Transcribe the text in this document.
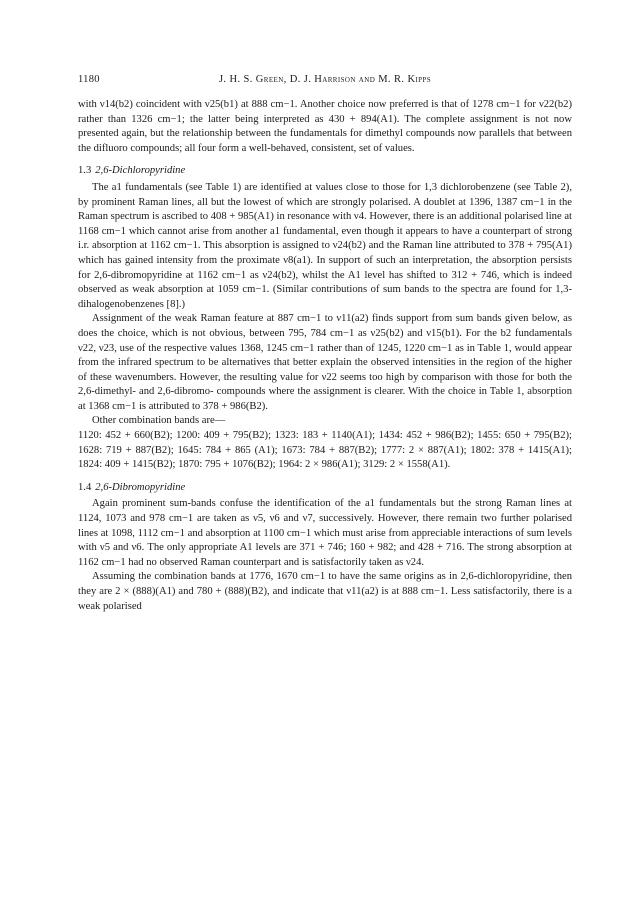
1180	J. H. S. Green, D. J. Harrison and M. R. Kipps

with ν14(b2) coincident with ν25(b1) at 888 cm−1. Another choice now preferred is that of 1278 cm−1 for ν22(b2) rather than 1326 cm−1; the latter being interpreted as 430 + 894(A1). The complete assignment is not now presented again, but the relationship between the fundamentals for dimethyl compounds now parallels that between the difluoro compounds; all four form a well-behaved, consistent, set of values.

1.3 2,6-Dichloropyridine

The a1 fundamentals (see Table 1) are identified at values close to those for 1,3 dichlorobenzene (see Table 2), by prominent Raman lines, all but the lowest of which are strongly polarised. A doublet at 1396, 1387 cm−1 in the Raman spectrum is ascribed to 408 + 985(A1) in resonance with ν4. However, there is an additional polarised line at 1168 cm−1 which cannot arise from another a1 fundamental, even though it appears to have a counterpart of strong i.r. absorption at 1162 cm−1. This absorption is assigned to ν24(b2) and the Raman line attributed to 378 + 795(A1) which has gained intensity from the proximate ν8(a1). In support of such an interpretation, the absorption persists for 2,6-dibromopyridine at 1162 cm−1 as ν24(b2), whilst the A1 level has shifted to 312 + 746, which is indeed observed as weak absorption at 1059 cm−1. (Similar contributions of sum bands to the spectra are found for 1,3-dihalogenobenzenes [8].)

Assignment of the weak Raman feature at 887 cm−1 to ν11(a2) finds support from sum bands given below, as does the choice, which is not obvious, between 795, 784 cm−1 as ν25(b2) and ν15(b1). For the b2 fundamentals ν22, ν23, use of the respective values 1368, 1245 cm−1 rather than of 1245, 1220 cm−1 as in Table 1, would appear from the infrared spectrum to be alternatives that better explain the observed intensities in the region of the higher of these wavenumbers. However, the resulting value for ν22 seems too high by comparison with those for both the 2,6-dimethyl- and 2,6-dibromo- compounds where the assignment is clearer. With the choice in Table 1, absorption at 1368 cm−1 is attributed to 378 + 986(B2).

Other combination bands are—

1120: 452 + 660(B2); 1200: 409 + 795(B2); 1323: 183 + 1140(A1); 1434: 452 + 986(B2); 1455: 650 + 795(B2); 1628: 719 + 887(B2); 1645: 784 + 865 (A1); 1673: 784 + 887(B2); 1777: 2 × 887(A1); 1802: 378 + 1415(A1); 1824: 409 + 1415(B2); 1870: 795 + 1076(B2); 1964: 2 × 986(A1); 3129: 2 × 1558(A1).
1.4 2,6-Dibromopyridine

Again prominent sum-bands confuse the identification of the a1 fundamentals but the strong Raman lines at 1124, 1073 and 978 cm−1 are taken as ν5, ν6 and ν7, successively. However, there remain two further polarised lines at 1098, 1112 cm−1 and absorption at 1100 cm−1 which must arise from appreciable interactions of sum levels with ν5 and ν6. The only appropriate A1 levels are 371 + 746; 160 + 982; and 428 + 716. The strong absorption at 1162 cm−1 had no observed Raman counterpart and is satisfactorily taken as ν24.

Assuming the combination bands at 1776, 1670 cm−1 to have the same origins as in 2,6-dichloropyridine, then they are 2 × (888)(A1) and 780 + (888)(B2), and indicate that ν11(a2) is at 888 cm−1. Less satisfactorily, there is a weak polarised
